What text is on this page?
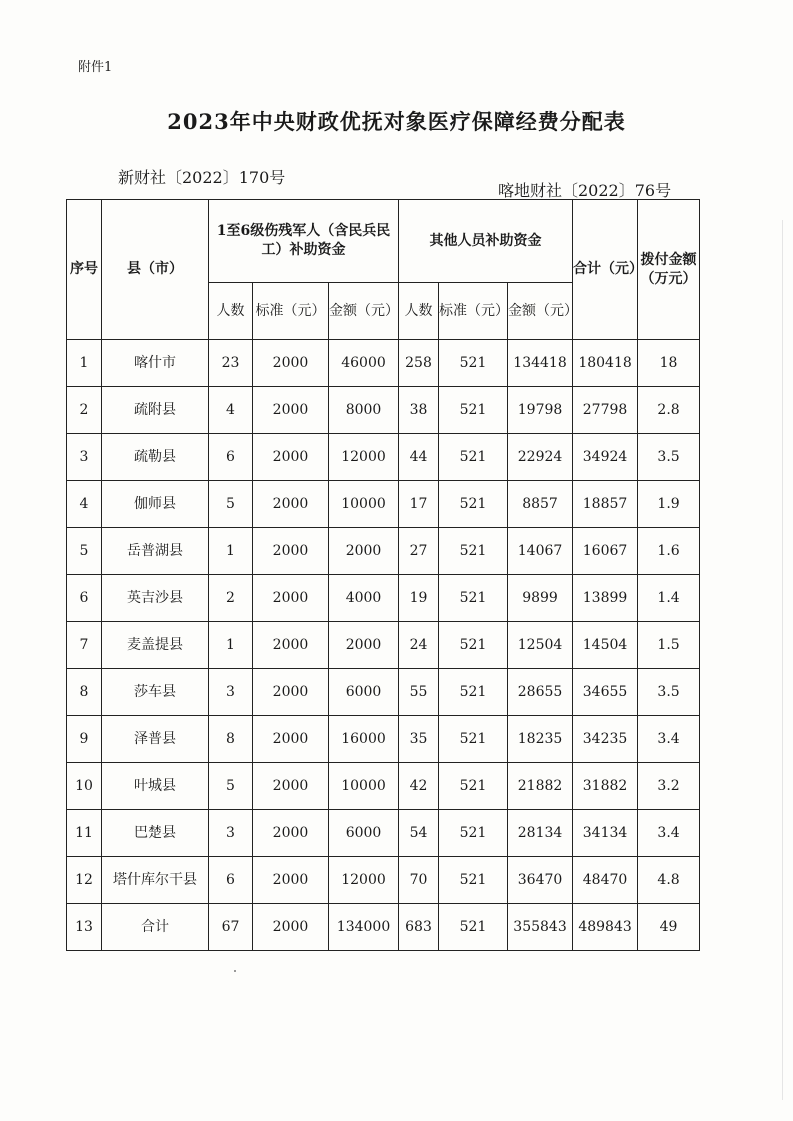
附件1
2023年中央财政优抚对象医疗保障经费分配表
新财社〔2022〕170号
喀地财社〔2022〕76号
序号	县（市）	1至6级伤残军人（含民兵民工）补助资金			其他人员补助资金			合计（元）	拨付金额（万元）
		人数	标准（元）	金额（元）	人数	标准（元）	金额（元）		
1	喀什市	23	2000	46000	258	521	134418	180418	18
2	疏附县	4	2000	8000	38	521	19798	27798	2.8
3	疏勒县	6	2000	12000	44	521	22924	34924	3.5
4	伽师县	5	2000	10000	17	521	8857	18857	1.9
5	岳普湖县	1	2000	2000	27	521	14067	16067	1.6
6	英吉沙县	2	2000	4000	19	521	9899	13899	1.4
7	麦盖提县	1	2000	2000	24	521	12504	14504	1.5
8	莎车县	3	2000	6000	55	521	28655	34655	3.5
9	泽普县	8	2000	16000	35	521	18235	34235	3.4
10	叶城县	5	2000	10000	42	521	21882	31882	3.2
11	巴楚县	3	2000	6000	54	521	28134	34134	3.4
12	塔什库尔干县	6	2000	12000	70	521	36470	48470	4.8
13	合计	67	2000	134000	683	521	355843	489843	49
